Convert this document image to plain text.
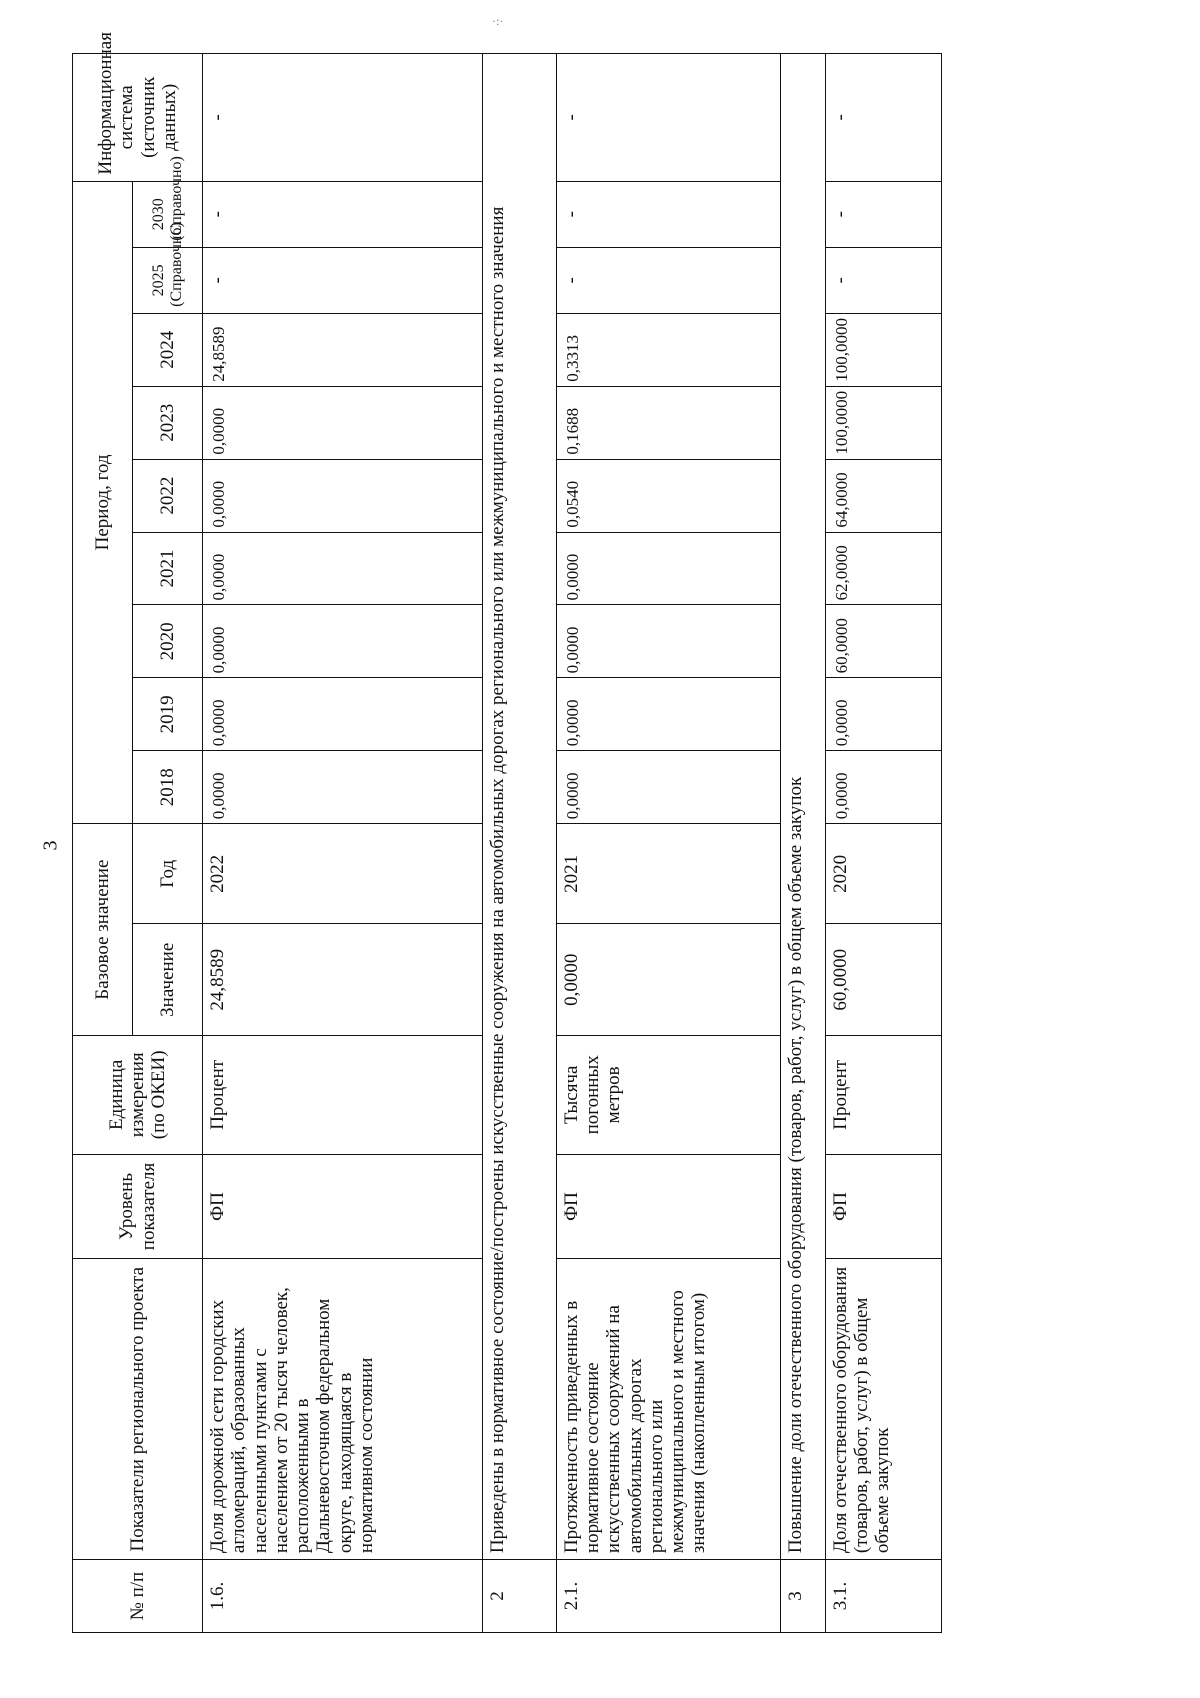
·:·
3
№ п/п	Показатели регионального проекта	Уровень показателя	Единица измерения (по ОКЕИ)	Базовое значение		Период, год									Информационная система (источник данных)
				Значение	Год	2018	2019	2020	2021	2022	2023	2024	2025 (Справочно)	2030 (Справочно)	
1.6.	Доля дорожной сети городских агломераций, образованных населенными пунктами с населением от 20 тысяч человек, расположенными в Дальневосточном федеральном округе, находящаяся в нормативном состоянии	ФП	Процент	24,8589	2022	0,0000	0,0000	0,0000	0,0000	0,0000	0,0000	24,8589	-	-	-
2	Приведены в нормативное состояние/построены искусственные сооружения на автомобильных дорогах регионального или межмуниципального и местного значения														
2.1.	Протяженность приведенных в нормативное состояние искусственных сооружений на автомобильных дорогах регионального или межмуниципального и местного значения (накопленным итогом)	ФП	Тысяча погонных метров	0,0000	2021	0,0000	0,0000	0,0000	0,0000	0,0540	0,1688	0,3313	-	-	-
3	Повышение доли отечественного оборудования (товаров, работ, услуг) в общем объеме закупок														
3.1.	Доля отечественного оборудования (товаров, работ, услуг) в общем объеме закупок	ФП	Процент	60,0000	2020	0,0000	0,0000	60,0000	62,0000	64,0000	100,0000	100,0000	-	-	-
